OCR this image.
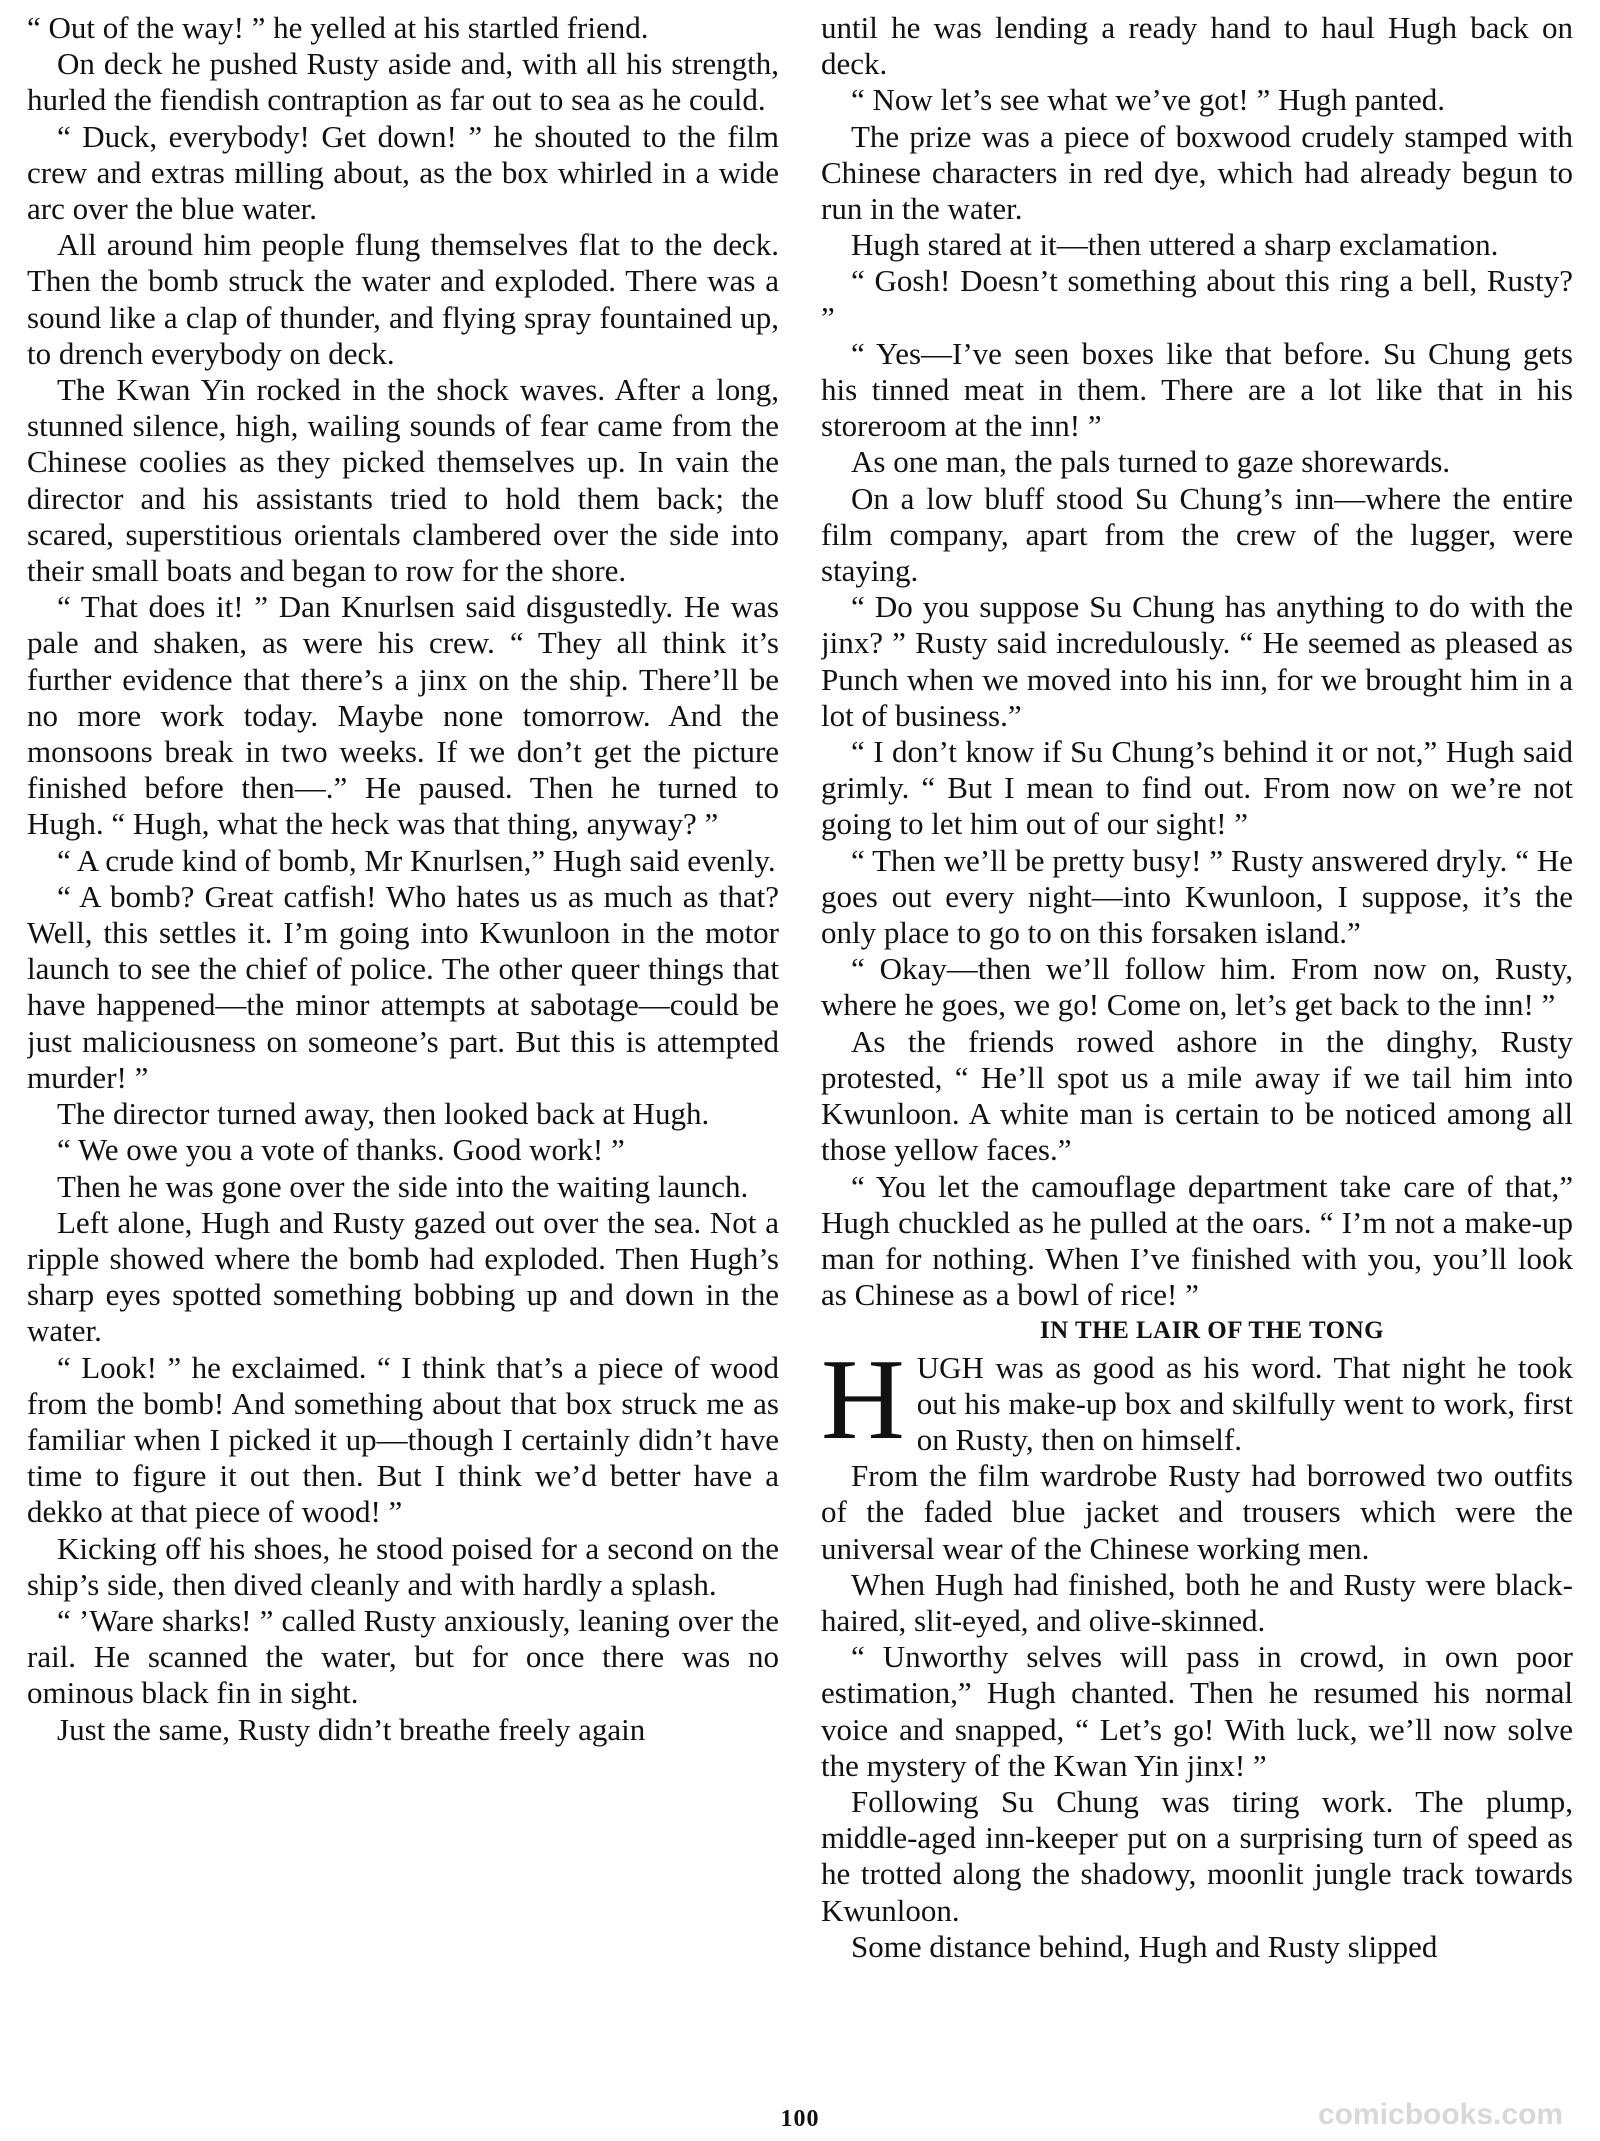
“ Out of the way! ” he yelled at his startled friend.

On deck he pushed Rusty aside and, with all his strength, hurled the fiendish contraption as far out to sea as he could.

“ Duck, everybody! Get down! ” he shouted to the film crew and extras milling about, as the box whirled in a wide arc over the blue water.

All around him people flung themselves flat to the deck. Then the bomb struck the water and exploded. There was a sound like a clap of thunder, and flying spray fountained up, to drench everybody on deck.

The Kwan Yin rocked in the shock waves. After a long, stunned silence, high, wailing sounds of fear came from the Chinese coolies as they picked themselves up. In vain the director and his assistants tried to hold them back; the scared, superstitious orientals clambered over the side into their small boats and began to row for the shore.

“ That does it! ” Dan Knurlsen said disgustedly. He was pale and shaken, as were his crew. “ They all think it’s further evidence that there’s a jinx on the ship. There’ll be no more work today. Maybe none tomorrow. And the monsoons break in two weeks. If we don’t get the picture finished before then—.” He paused. Then he turned to Hugh. “ Hugh, what the heck was that thing, anyway? ”

“ A crude kind of bomb, Mr Knurlsen,” Hugh said evenly.

“ A bomb? Great catfish! Who hates us as much as that? Well, this settles it. I’m going into Kwunloon in the motor launch to see the chief of police. The other queer things that have happened—the minor attempts at sabotage—could be just maliciousness on someone’s part. But this is attempted murder! ”

The director turned away, then looked back at Hugh.

“ We owe you a vote of thanks. Good work! ”

Then he was gone over the side into the waiting launch.

Left alone, Hugh and Rusty gazed out over the sea. Not a ripple showed where the bomb had exploded. Then Hugh’s sharp eyes spotted something bobbing up and down in the water.

“ Look! ” he exclaimed. “ I think that’s a piece of wood from the bomb! And something about that box struck me as familiar when I picked it up—though I certainly didn’t have time to figure it out then. But I think we’d better have a dekko at that piece of wood! ”

Kicking off his shoes, he stood poised for a second on the ship’s side, then dived cleanly and with hardly a splash.

“ ’Ware sharks! ” called Rusty anxiously, leaning over the rail. He scanned the water, but for once there was no ominous black fin in sight.

Just the same, Rusty didn’t breathe freely again

until he was lending a ready hand to haul Hugh back on deck.

“ Now let’s see what we’ve got! ” Hugh panted.

The prize was a piece of boxwood crudely stamped with Chinese characters in red dye, which had already begun to run in the water.

Hugh stared at it—then uttered a sharp exclamation.

“ Gosh! Doesn’t something about this ring a bell, Rusty? ”

“ Yes—I’ve seen boxes like that before. Su Chung gets his tinned meat in them. There are a lot like that in his storeroom at the inn! ”

As one man, the pals turned to gaze shorewards.

On a low bluff stood Su Chung’s inn—where the entire film company, apart from the crew of the lugger, were staying.

“ Do you suppose Su Chung has anything to do with the jinx? ” Rusty said incredulously. “ He seemed as pleased as Punch when we moved into his inn, for we brought him in a lot of business.”

“ I don’t know if Su Chung’s behind it or not,” Hugh said grimly. “ But I mean to find out. From now on we’re not going to let him out of our sight! ”

“ Then we’ll be pretty busy! ” Rusty answered dryly. “ He goes out every night—into Kwunloon, I suppose, it’s the only place to go to on this forsaken island.”

“ Okay—then we’ll follow him. From now on, Rusty, where he goes, we go! Come on, let’s get back to the inn! ”

As the friends rowed ashore in the dinghy, Rusty protested, “ He’ll spot us a mile away if we tail him into Kwunloon. A white man is certain to be noticed among all those yellow faces.”

“ You let the camouflage department take care of that,” Hugh chuckled as he pulled at the oars. “ I’m not a make-up man for nothing. When I’ve finished with you, you’ll look as Chinese as a bowl of rice! ”

IN THE LAIR OF THE TONG

HUGH was as good as his word. That night he took out his make-up box and skilfully went to work, first on Rusty, then on himself.

From the film wardrobe Rusty had borrowed two outfits of the faded blue jacket and trousers which were the universal wear of the Chinese working men.

When Hugh had finished, both he and Rusty were black-haired, slit-eyed, and olive-skinned.

“ Unworthy selves will pass in crowd, in own poor estimation,” Hugh chanted. Then he resumed his normal voice and snapped, “ Let’s go! With luck, we’ll now solve the mystery of the Kwan Yin jinx! ”

Following Su Chung was tiring work. The plump, middle-aged inn-keeper put on a surprising turn of speed as he trotted along the shadowy, moonlit jungle track towards Kwunloon.

Some distance behind, Hugh and Rusty slipped

100	comicbooks.com
